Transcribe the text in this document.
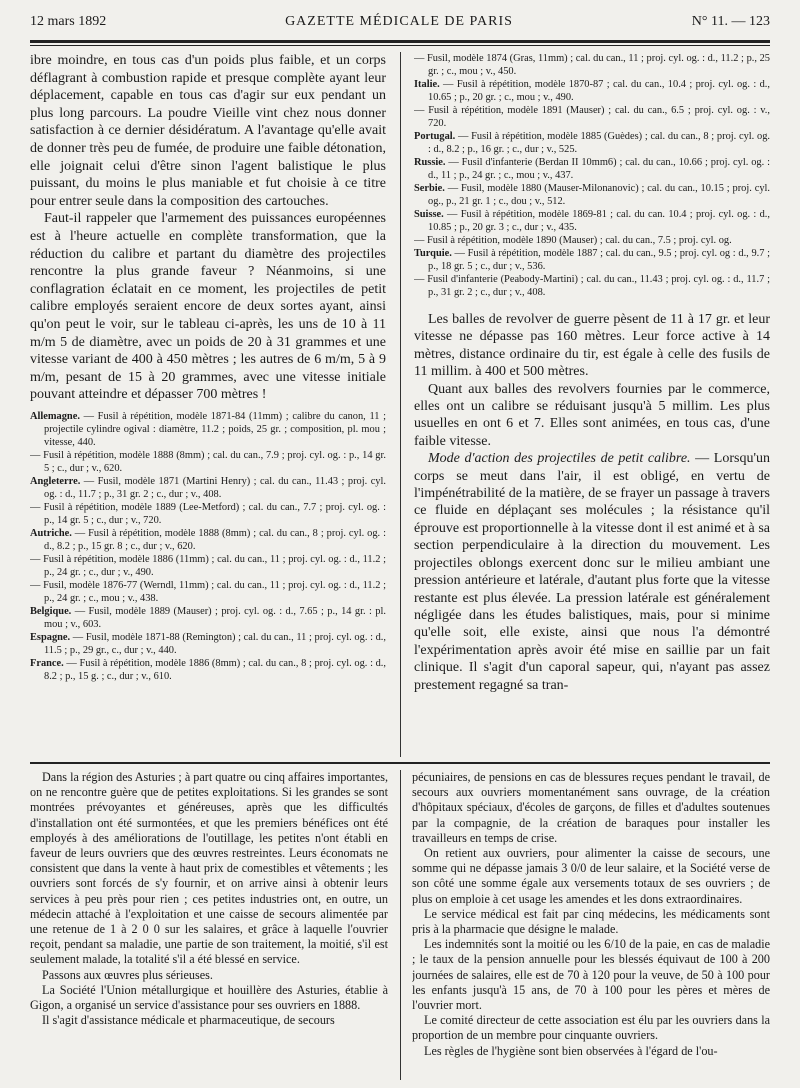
12 mars 1892	GAZETTE MÉDICALE DE PARIS	N° 11. — 123

ibre moindre, en tous cas d'un poids plus faible, et un corps déflagrant à combustion rapide et presque complète ayant leur déplacement, capable en tous cas d'agir sur eux pendant un plus long parcours. La poudre Vieille vint chez nous donner satisfaction à ce dernier désidératum. A l'avantage qu'elle avait de donner très peu de fumée, de produire une faible détonation, elle joignait celui d'être sinon l'agent balistique le plus puissant, du moins le plus maniable et fut choisie à ce titre pour entrer seule dans la composition des cartouches.

Faut-il rappeler que l'armement des puissances européennes est à l'heure actuelle en complète transformation, que la réduction du calibre et partant du diamètre des projectiles rencontre la plus grande faveur ? Néanmoins, si une conflagration éclatait en ce moment, les projectiles de petit calibre employés seraient encore de deux sortes ayant, ainsi qu'on peut le voir, sur le tableau ci-après, les uns de 10 à 11 m/m 5 de diamètre, avec un poids de 20 à 31 grammes et une vitesse variant de 400 à 450 mètres ; les autres de 6 m/m, 5 à 9 m/m, pesant de 15 à 20 grammes, avec une vitesse initiale pouvant atteindre et dépasser 700 mètres !

Allemagne. — Fusil à répétition, modèle 1871-84 (11mm) ; calibre du canon, 11 ; projectile cylindre ogival : diamètre, 11.2 ; poids, 25 gr. ; composition, pl. mou ; vitesse, 440.

— Fusil à répétition, modèle 1888 (8mm) ; cal. du can., 7.9 ; proj. cyl. og. : p., 14 gr. 5 ; c., dur ; v., 620.

Angleterre. — Fusil, modèle 1871 (Martini Henry) ; cal. du can., 11.43 ; proj. cyl. og. : d., 11.7 ; p., 31 gr. 2 ; c., dur ; v., 408.

— Fusil à répétition, modèle 1889 (Lee-Metford) ; cal. du can., 7.7 ; proj. cyl. og. : p., 14 gr. 5 ; c., dur ; v., 720.

Autriche. — Fusil à répétition, modèle 1888 (8mm) ; cal. du can., 8 ; proj. cyl. og. : d., 8.2 ; p., 15 gr. 8 ; c., dur ; v., 620.

— Fusil à répétition, modèle 1886 (11mm) ; cal. du can., 11 ; proj. cyl. og. : d., 11.2 ; p., 24 gr. ; c., dur ; v., 490.

— Fusil, modèle 1876-77 (Werndl, 11mm) ; cal. du can., 11 ; proj. cyl. og. : d., 11.2 ; p., 24 gr. ; c., mou ; v., 438.

Belgique. — Fusil, modèle 1889 (Mauser) ; proj. cyl. og. : d., 7.65 ; p., 14 gr. : pl. mou ; v., 603.

Espagne. — Fusil, modèle 1871-88 (Remington) ; cal. du can., 11 ; proj. cyl. og. : d., 11.5 ; p., 29 gr., c., dur ; v., 440.

France. — Fusil à répétition, modèle 1886 (8mm) ; cal. du can., 8 ; proj. cyl. og. : d., 8.2 ; p., 15 g. ; c., dur ; v., 610.

— Fusil, modèle 1874 (Gras, 11mm) ; cal. du can., 11 ; proj. cyl. og. : d., 11.2 ; p., 25 gr. ; c., mou ; v., 450.

Italie. — Fusil à répétition, modèle 1870-87 ; cal. du can., 10.4 ; proj. cyl. og. : d., 10.65 ; p., 20 gr. ; c., mou ; v., 490.

— Fusil à répétition, modèle 1891 (Mauser) ; cal. du can., 6.5 ; proj. cyl. og. : v., 720.

Portugal. — Fusil à répétition, modèle 1885 (Guèdes) ; cal. du can., 8 ; proj. cyl. og. : d., 8.2 ; p., 16 gr. ; c., dur ; v., 525.

Russie. — Fusil d'infanterie (Berdan II 10mm6) ; cal. du can., 10.66 ; proj. cyl. og. : d., 11 ; p., 24 gr. ; c., mou ; v., 437.

Serbie. — Fusil, modèle 1880 (Mauser-Milonanovic) ; cal. du can., 10.15 ; proj. cyl. og., p., 21 gr. 1 ; c., dou ; v., 512.

Suisse. — Fusil à répétition, modèle 1869-81 ; cal. du can. 10.4 ; proj. cyl. og. : d., 10.85 ; p., 20 gr. 3 ; c., dur ; v., 435.

— Fusil à répétition, modèle 1890 (Mauser) ; cal. du can., 7.5 ; proj. cyl. og.

Turquie. — Fusil à répétition, modèle 1887 ; cal. du can., 9.5 ; proj. cyl. og : d., 9.7 ; p., 18 gr. 5 ; c., dur ; v., 536.

— Fusil d'infanterie (Peabody-Martini) ; cal. du can., 11.43 ; proj. cyl. og. : d., 11.7 ; p., 31 gr. 2 ; c., dur ; v., 408.

Les balles de revolver de guerre pèsent de 11 à 17 gr. et leur vitesse ne dépasse pas 160 mètres. Leur force active à 14 mètres, distance ordinaire du tir, est égale à celle des fusils de 11 millim. à 400 et 500 mètres.

Quant aux balles des revolvers fournies par le commerce, elles ont un calibre se réduisant jusqu'à 5 millim. Les plus usuelles en ont 6 et 7. Elles sont animées, en tous cas, d'une faible vitesse.

Mode d'action des projectiles de petit calibre. — Lorsqu'un corps se meut dans l'air, il est obligé, en vertu de l'impénétrabilité de la matière, de se frayer un passage à travers ce fluide en déplaçant ses molécules ; la résistance qu'il éprouve est proportionnelle à la vitesse dont il est animé et à sa section perpendiculaire à la direction du mouvement. Les projectiles oblongs exercent donc sur le milieu ambiant une pression antérieure et latérale, d'autant plus forte que la vitesse restante est plus élevée. La pression latérale est généralement négligée dans les études balistiques, mais, pour si minime qu'elle soit, elle existe, ainsi que nous l'a démontré l'expérimentation après avoir été mise en saillie par un fait clinique. Il s'agit d'un caporal sapeur, qui, n'ayant pas assez prestement regagné sa tran-

Dans la région des Asturies ; à part quatre ou cinq affaires importantes, on ne rencontre guère que de petites exploitations. Si les grandes se sont montrées prévoyantes et généreuses, après que les difficultés d'installation ont été surmontées, et que les premiers bénéfices ont été employés à des améliorations de l'outillage, les petites n'ont établi en faveur de leurs ouvriers que des œuvres restreintes. Leurs économats ne consistent que dans la vente à haut prix de comestibles et vêtements ; les ouvriers sont forcés de s'y fournir, et on arrive ainsi à obtenir leurs services à peu près pour rien ; ces petites industries ont, en outre, un médecin attaché à l'exploitation et une caisse de secours alimentée par une retenue de 1 à 2 0 0 sur les salaires, et grâce à laquelle l'ouvrier reçoit, pendant sa maladie, une partie de son traitement, la moitié, s'il est seulement malade, la totalité s'il a été blessé en service.

Passons aux œuvres plus sérieuses.

La Société l'Union métallurgique et houillère des Asturies, établie à Gigon, a organisé un service d'assistance pour ses ouvriers en 1888.

Il s'agit d'assistance médicale et pharmaceutique, de secours

pécuniaires, de pensions en cas de blessures reçues pendant le travail, de secours aux ouvriers momentanément sans ouvrage, de la création d'hôpitaux spéciaux, d'écoles de garçons, de filles et d'adultes soutenues par la compagnie, de la création de baraques pour installer les travailleurs en temps de crise.

On retient aux ouvriers, pour alimenter la caisse de secours, une somme qui ne dépasse jamais 3 0/0 de leur salaire, et la Société verse de son côté une somme égale aux versements totaux de ses ouvriers ; de plus on emploie à cet usage les amendes et les dons extraordinaires.

Le service médical est fait par cinq médecins, les médicaments sont pris à la pharmacie que désigne le malade.

Les indemnités sont la moitié ou les 6/10 de la paie, en cas de maladie ; le taux de la pension annuelle pour les blessés équivaut de 100 à 200 journées de salaires, elle est de 70 à 120 pour la veuve, de 50 à 100 pour les enfants jusqu'à 15 ans, de 70 à 100 pour les pères et mères de l'ouvrier mort.

Le comité directeur de cette association est élu par les ouvriers dans la proportion de un membre pour cinquante ouvriers.

Les règles de l'hygiène sont bien observées à l'égard de l'ou-
